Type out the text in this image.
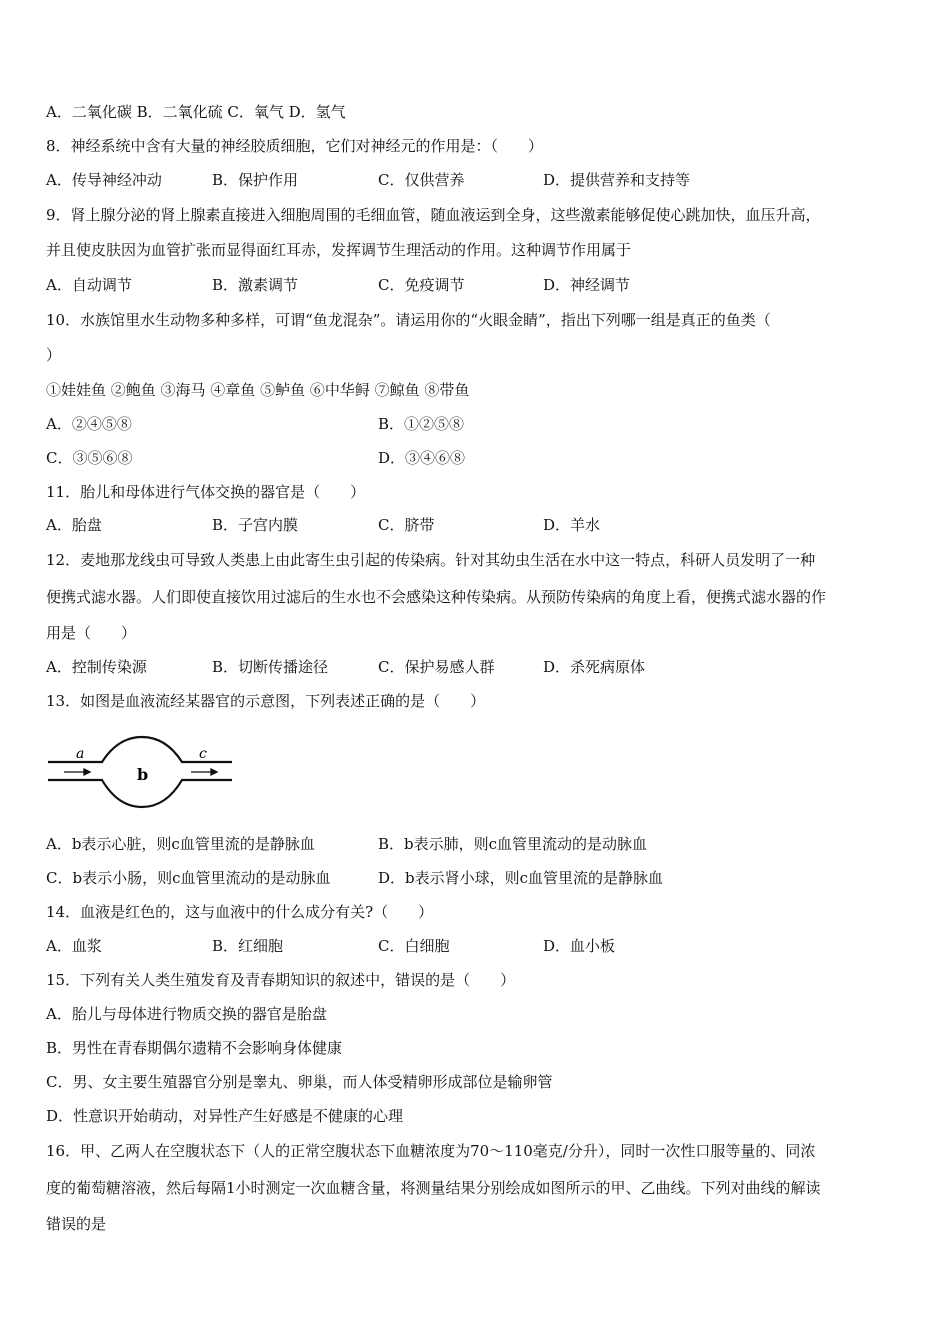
A．二氧化碳 B．二氧化硫 C．氧气 D．氢气
8．神经系统中含有大量的神经胶质细胞，它们对神经元的作用是：（　　）
A．传导神经冲动	B．保护作用	C．仅供营养	D．提供营养和支持等
9．肾上腺分泌的肾上腺素直接进入细胞周围的毛细血管，随血液运到全身，这些激素能够促使心跳加快，血压升高，
并且使皮肤因为血管扩张而显得面红耳赤，发挥调节生理活动的作用。这种调节作用属于
A．自动调节	B．激素调节	C．免疫调节	D．神经调节
10．水族馆里水生动物多种多样，可谓“鱼龙混杂”。请运用你的“火眼金睛”，指出下列哪一组是真正的鱼类（
）
①娃娃鱼 ②鲍鱼 ③海马 ④章鱼 ⑤鲈鱼 ⑥中华鲟 ⑦鲸鱼 ⑧带鱼
A．②④⑤⑧	B．①②⑤⑧
C．③⑤⑥⑧	D．③④⑥⑧
11．胎儿和母体进行气体交换的器官是（　　）
A．胎盘	B．子宫内膜	C．脐带	D．羊水
12．麦地那龙线虫可导致人类患上由此寄生虫引起的传染病。针对其幼虫生活在水中这一特点，科研人员发明了一种
便携式滤水器。人们即使直接饮用过滤后的生水也不会感染这种传染病。从预防传染病的角度上看，便携式滤水器的作
用是（　　）
A．控制传染源	B．切断传播途径	C．保护易感人群	D．杀死病原体
13．如图是血液流经某器官的示意图，下列表述正确的是（　　）
a
b
c
A．b表示心脏，则c血管里流的是静脉血	B．b表示肺，则c血管里流动的是动脉血
C．b表示小肠，则c血管里流动的是动脉血	D．b表示肾小球，则c血管里流的是静脉血
14．血液是红色的，这与血液中的什么成分有关?（　　）
A．血浆	B．红细胞	C．白细胞	D．血小板
15．下列有关人类生殖发育及青春期知识的叙述中，错误的是（　　）
A．胎儿与母体进行物质交换的器官是胎盘
B．男性在青春期偶尔遗精不会影响身体健康
C．男、女主要生殖器官分别是睾丸、卵巢，而人体受精卵形成部位是输卵管
D．性意识开始萌动，对异性产生好感是不健康的心理
16．甲、乙两人在空腹状态下（人的正常空腹状态下血糖浓度为70～110毫克/分升），同时一次性口服等量的、同浓
度的葡萄糖溶液，然后每隔1小时测定一次血糖含量，将测量结果分别绘成如图所示的甲、乙曲线。下列对曲线的解读
错误的是
